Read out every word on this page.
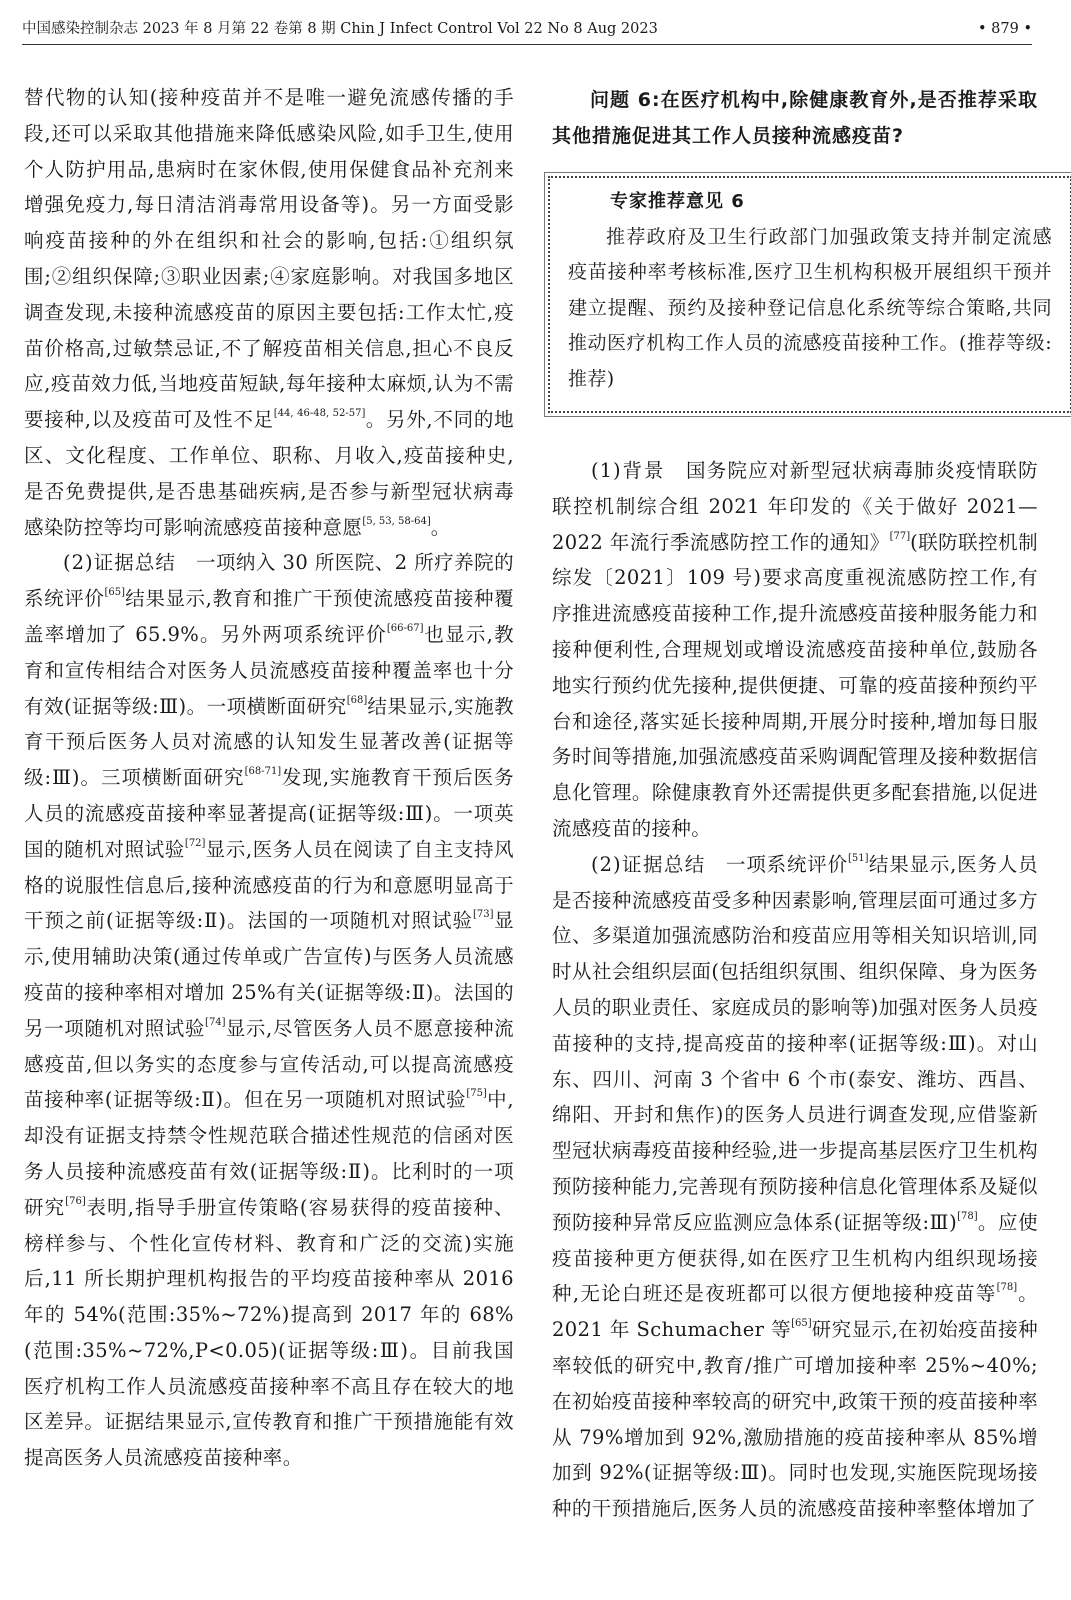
中国感染控制杂志 2023 年 8 月第 22 卷第 8 期 Chin J Infect Control Vol 22 No 8 Aug 2023	• 879 •

替代物的认知(接种疫苗并不是唯一避免流感传播的手段,还可以采取其他措施来降低感染风险,如手卫生,使用个人防护用品,患病时在家休假,使用保健食品补充剂来增强免疫力,每日清洁消毒常用设备等)。另一方面受影响疫苗接种的外在组织和社会的影响,包括:①组织氛围;②组织保障;③职业因素;④家庭影响。对我国多地区调查发现,未接种流感疫苗的原因主要包括:工作太忙,疫苗价格高,过敏禁忌证,不了解疫苗相关信息,担心不良反应,疫苗效力低,当地疫苗短缺,每年接种太麻烦,认为不需要接种,以及疫苗可及性不足[44, 46-48, 52-57]。另外,不同的地区、文化程度、工作单位、职称、月收入,疫苗接种史,是否免费提供,是否患基础疾病,是否参与新型冠状病毒感染防控等均可影响流感疫苗接种意愿[5, 53, 58-64]。

(2)证据总结　 一项纳入 30 所医院、2 所疗养院的系统评价[65]结果显示,教育和推广干预使流感疫苗接种覆盖率增加了 65.9%。另外两项系统评价[66-67]也显示,教育和宣传相结合对医务人员流感疫苗接种覆盖率也十分有效(证据等级:Ⅲ)。一项横断面研究[68]结果显示,实施教育干预后医务人员对流感的认知发生显著改善(证据等级:Ⅲ)。三项横断面研究[68-71]发现,实施教育干预后医务人员的流感疫苗接种率显著提高(证据等级:Ⅲ)。一项英国的随机对照试验[72]显示,医务人员在阅读了自主支持风格的说服性信息后,接种流感疫苗的行为和意愿明显高于干预之前(证据等级:Ⅱ)。法国的一项随机对照试验[73]显示,使用辅助决策(通过传单或广告宣传)与医务人员流感疫苗的接种率相对增加 25%有关(证据等级:Ⅱ)。法国的另一项随机对照试验[74]显示,尽管医务人员不愿意接种流感疫苗,但以务实的态度参与宣传活动,可以提高流感疫苗接种率(证据等级:Ⅱ)。但在另一项随机对照试验[75]中,却没有证据支持禁令性规范联合描述性规范的信函对医务人员接种流感疫苗有效(证据等级:Ⅱ)。比利时的一项研究[76]表明,指导手册宣传策略(容易获得的疫苗接种、榜样参与、个性化宣传材料、教育和广泛的交流)实施后,11 所长期护理机构报告的平均疫苗接种率从 2016 年的 54%(范围:35%~72%)提高到 2017 年的 68%(范围:35%~72%,P<0.05)(证据等级:Ⅲ)。目前我国医疗机构工作人员流感疫苗接种率不高且存在较大的地区差异。证据结果显示,宣传教育和推广干预措施能有效提高医务人员流感疫苗接种率。

问题 6:在医疗机构中,除健康教育外,是否推荐采取其他措施促进其工作人员接种流感疫苗?
专家推荐意见 6
推荐政府及卫生行政部门加强政策支持并制定流感疫苗接种率考核标准,医疗卫生机构积极开展组织干预并建立提醒、预约及接种登记信息化系统等综合策略,共同推动医疗机构工作人员的流感疫苗接种工作。(推荐等级:推荐)

(1)背景　 国务院应对新型冠状病毒肺炎疫情联防联控机制综合组 2021 年印发的《关于做好 2021—2022 年流行季流感防控工作的通知》[77](联防联控机制综发〔2021〕109 号)要求高度重视流感防控工作,有序推进流感疫苗接种工作,提升流感疫苗接种服务能力和接种便利性,合理规划或增设流感疫苗接种单位,鼓励各地实行预约优先接种,提供便捷、可靠的疫苗接种预约平台和途径,落实延长接种周期,开展分时接种,增加每日服务时间等措施,加强流感疫苗采购调配管理及接种数据信息化管理。除健康教育外还需提供更多配套措施,以促进流感疫苗的接种。

(2)证据总结　 一项系统评价[51]结果显示,医务人员是否接种流感疫苗受多种因素影响,管理层面可通过多方位、多渠道加强流感防治和疫苗应用等相关知识培训,同时从社会组织层面(包括组织氛围、组织保障、身为医务人员的职业责任、家庭成员的影响等)加强对医务人员疫苗接种的支持,提高疫苗的接种率(证据等级:Ⅲ)。对山东、四川、河南 3 个省中 6 个市(泰安、潍坊、西昌、绵阳、开封和焦作)的医务人员进行调查发现,应借鉴新型冠状病毒疫苗接种经验,进一步提高基层医疗卫生机构预防接种能力,完善现有预防接种信息化管理体系及疑似预防接种异常反应监测应急体系(证据等级:Ⅲ)[78]。应使疫苗接种更方便获得,如在医疗卫生机构内组织现场接种,无论白班还是夜班都可以很方便地接种疫苗等[78]。2021 年 Schumacher 等[65]研究显示,在初始疫苗接种率较低的研究中,教育/推广可增加接种率 25%~40%;在初始疫苗接种率较高的研究中,政策干预的疫苗接种率从 79%增加到 92%,激励措施的疫苗接种率从 85%增加到 92%(证据等级:Ⅲ)。同时也发现,实施医院现场接种的干预措施后,医务人员的流感疫苗接种率整体增加了
